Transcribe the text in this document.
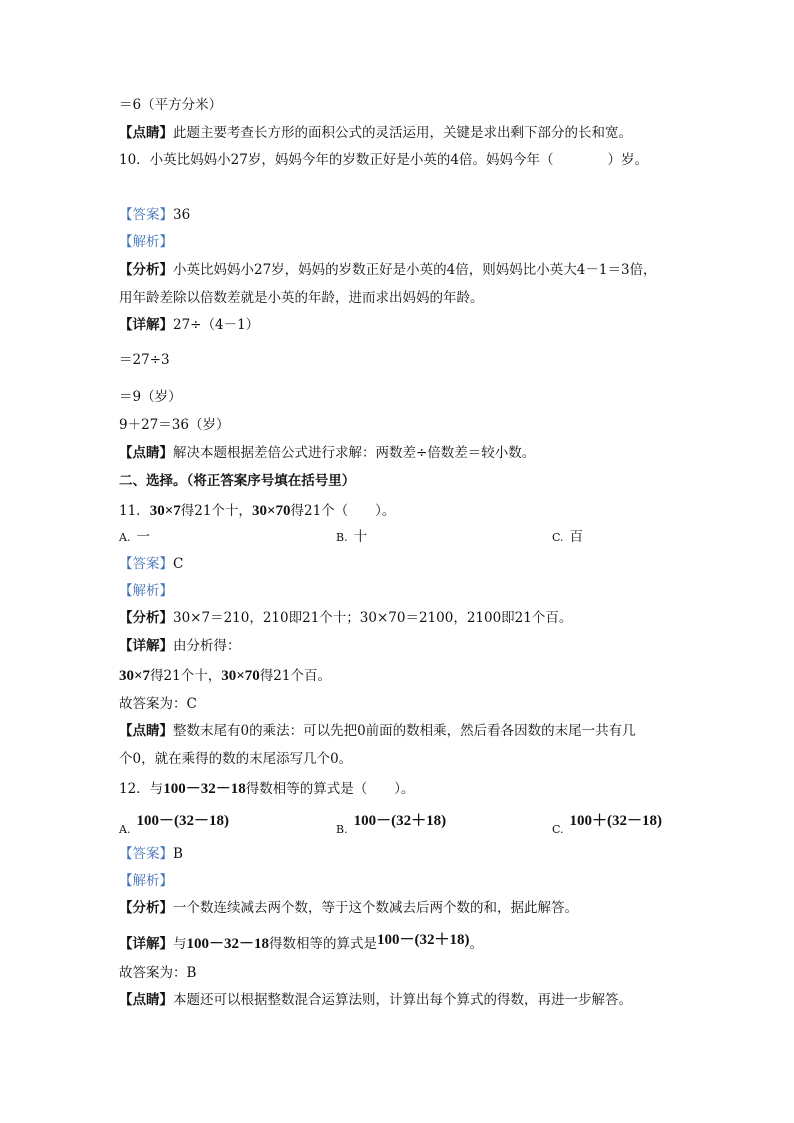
＝6（平方分米）
【点睛】此题主要考查长方形的面积公式的灵活运用，关键是求出剩下部分的长和宽。
10．小英比妈妈小27岁，妈妈今年的岁数正好是小英的4倍。妈妈今年（　　　　）岁。
【答案】36
【解析】
【分析】小英比妈妈小27岁，妈妈的岁数正好是小英的4倍，则妈妈比小英大4－1＝3倍，
用年龄差除以倍数差就是小英的年龄，进而求出妈妈的年龄。
【详解】27÷（4－1）
＝27÷3
＝9（岁）
9＋27＝36（岁）
【点睛】解决本题根据差倍公式进行求解：两数差÷倍数差＝较小数。
二、选择。（将正答案序号填在括号里）
11．30×7得21个十，30×70得21个（　　）。
A. 一	B. 十	C. 百
【答案】C
【解析】
【分析】30×7＝210，210即21个十；30×70＝2100，2100即21个百。
【详解】由分析得：
30×7得21个十，30×70得21个百。
故答案为：C
【点睛】整数末尾有0的乘法：可以先把0前面的数相乘，然后看各因数的末尾一共有几
个0，就在乘得的数的末尾添写几个0。
12．与100－32－18得数相等的算式是（　　）。
$_{A.}$100－(32－18)
$_{B.}$100－(32＋18)
$_{C.}$100＋(32－18)
【答案】B
【解析】
【分析】一个数连续减去两个数，等于这个数减去后两个数的和，据此解答。
【详解】与100－32－18得数相等的算式是100－(32＋18)。
故答案为：B
【点睛】本题还可以根据整数混合运算法则，计算出每个算式的得数，再进一步解答。
